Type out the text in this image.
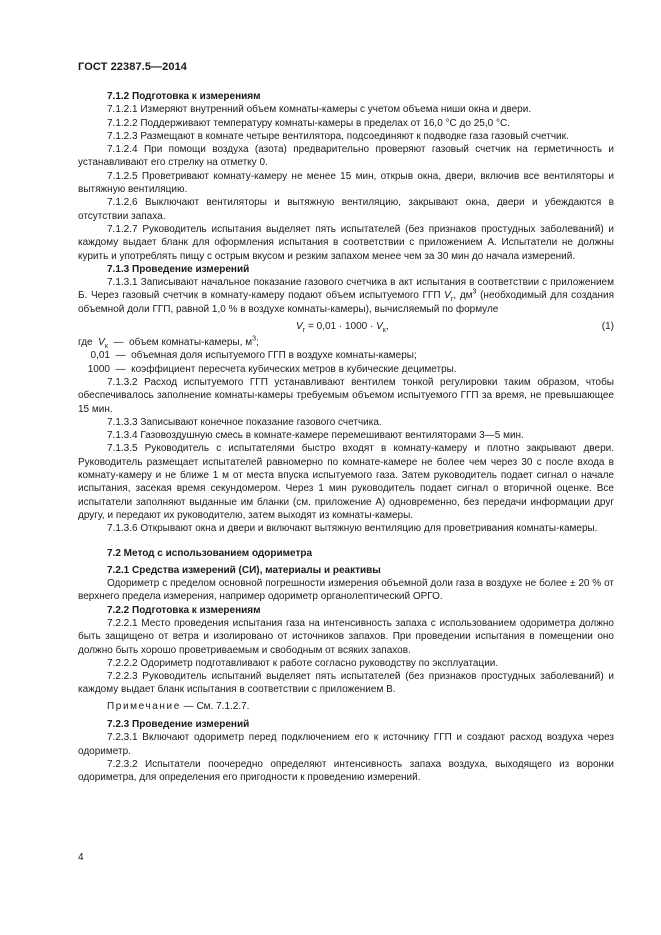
ГОСТ 22387.5—2014

7.1.2 Подготовка к измерениям

7.1.2.1 Измеряют внутренний объем комнаты-камеры с учетом объема ниши окна и двери.

7.1.2.2 Поддерживают температуру комнаты-камеры в пределах от 16,0 °С до 25,0 °С.

7.1.2.3 Размещают в комнате четыре вентилятора, подсоединяют к подводке газа газовый счетчик.

7.1.2.4 При помощи воздуха (азота) предварительно проверяют газовый счетчик на герметичность и устанавливают его стрелку на отметку 0.

7.1.2.5 Проветривают комнату-камеру не менее 15 мин, открыв окна, двери, включив все вентиляторы и вытяжную вентиляцию.

7.1.2.6 Выключают вентиляторы и вытяжную вентиляцию, закрывают окна, двери и убеждаются в отсутствии запаха.

7.1.2.7 Руководитель испытания выделяет пять испытателей (без признаков простудных заболеваний) и каждому выдает бланк для оформления испытания в соответствии с приложением А. Испытатели не должны курить и употреблять пищу с острым вкусом и резким запахом менее чем за 30 мин до начала измерений.

7.1.3 Проведение измерений

7.1.3.1 Записывают начальное показание газового счетчика в акт испытания в соответствии с приложением Б. Через газовый счетчик в комнату-камеру подают объем испытуемого ГГП $V_г$, $дм^3$ (необходимый для создания объемной доли ГГП, равной 1,0 % в воздухе комнаты-камеры), вычисляемый по формуле

$V_г = 0,01 \cdot 1000 \cdot V_к$,	(1)

где $V_к$ — объем комнаты-камеры, $м^3$;

0,01 — объемная доля испытуемого ГГП в воздухе комнаты-камеры;

1000 — коэффициент пересчета кубических метров в кубические дециметры.

7.1.3.2 Расход испытуемого ГГП устанавливают вентилем тонкой регулировки таким образом, чтобы обеспечивалось заполнение комнаты-камеры требуемым объемом испытуемого ГГП за время, не превышающее 15 мин.

7.1.3.3 Записывают конечное показание газового счетчика.

7.1.3.4 Газовоздушную смесь в комнате-камере перемешивают вентиляторами 3—5 мин.

7.1.3.5 Руководитель с испытателями быстро входят в комнату-камеру и плотно закрывают двери. Руководитель размещает испытателей равномерно по комнате-камере не более чем через 30 с после входа в комнату-камеру и не ближе 1 м от места впуска испытуемого газа. Затем руководитель подает сигнал о начале испытания, засекая время секундомером. Через 1 мин руководитель подает сигнал о вторичной оценке. Все испытатели заполняют выданные им бланки (см. приложение А) одновременно, без передачи информации друг другу, и передают их руководителю, затем выходят из комнаты-камеры.

7.1.3.6 Открывают окна и двери и включают вытяжную вентиляцию для проветривания комнаты-камеры.

7.2 Метод с использованием одориметра

7.2.1 Средства измерений (СИ), материалы и реактивы

Одориметр с пределом основной погрешности измерения объемной доли газа в воздухе не более ± 20 % от верхнего предела измерения, например одориметр органолептический ОРГО.

7.2.2 Подготовка к измерениям

7.2.2.1 Место проведения испытания газа на интенсивность запаха с использованием одориметра должно быть защищено от ветра и изолировано от источников запахов. При проведении испытания в помещении оно должно быть хорошо проветриваемым и свободным от всяких запахов.

7.2.2.2 Одориметр подготавливают к работе согласно руководству по эксплуатации.

7.2.2.3 Руководитель испытаний выделяет пять испытателей (без признаков простудных заболеваний) и каждому выдает бланк испытания в соответствии с приложением В.

Примечание — См. 7.1.2.7.

7.2.3 Проведение измерений

7.2.3.1 Включают одориметр перед подключением его к источнику ГГП и создают расход воздуха через одориметр.

7.2.3.2 Испытатели поочередно определяют интенсивность запаха воздуха, выходящего из воронки одориметра, для определения его пригодности к проведению измерений.

4
